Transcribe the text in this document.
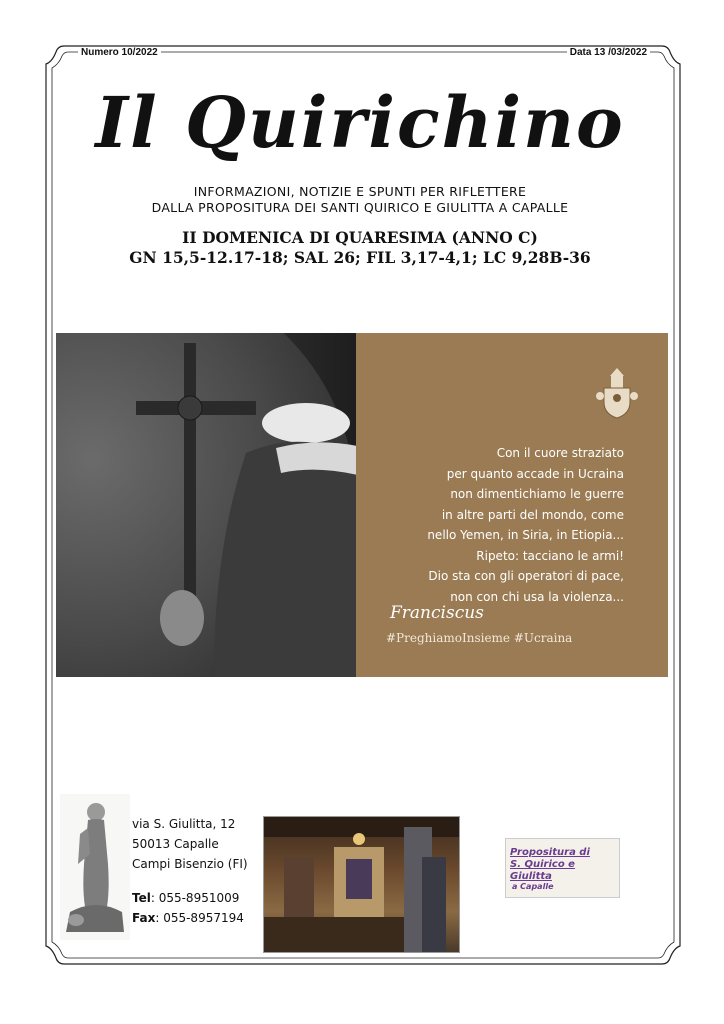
Numero 10/2022	Data 13 /03/2022
Il Quirichino
INFORMAZIONI, NOTIZIE E SPUNTI PER RIFLETTERE
DALLA PROPOSITURA DEI SANTI QUIRICO E GIULITTA A CAPALLE
II DOMENICA DI QUARESIMA (ANNO C)
GN 15,5-12.17-18; SAL 26; FIL 3,17-4,1; LC 9,28B-36
Con il cuore straziato
per quanto accade in Ucraina
non dimentichiamo le guerre
in altre parti del mondo, come
nello Yemen, in Siria, in Etiopia...
Ripeto: tacciano le armi!
Dio sta con gli operatori di pace,
non con chi usa la violenza...
Franciscus
#PreghiamoInsieme #Ucraina
via S. Giulitta, 12
50013 Capalle
Campi Bisenzio (FI)
Tel: 055-8951009
Fax: 055-8957194
Propositura di
S. Quirico e Giulitta
a Capalle
